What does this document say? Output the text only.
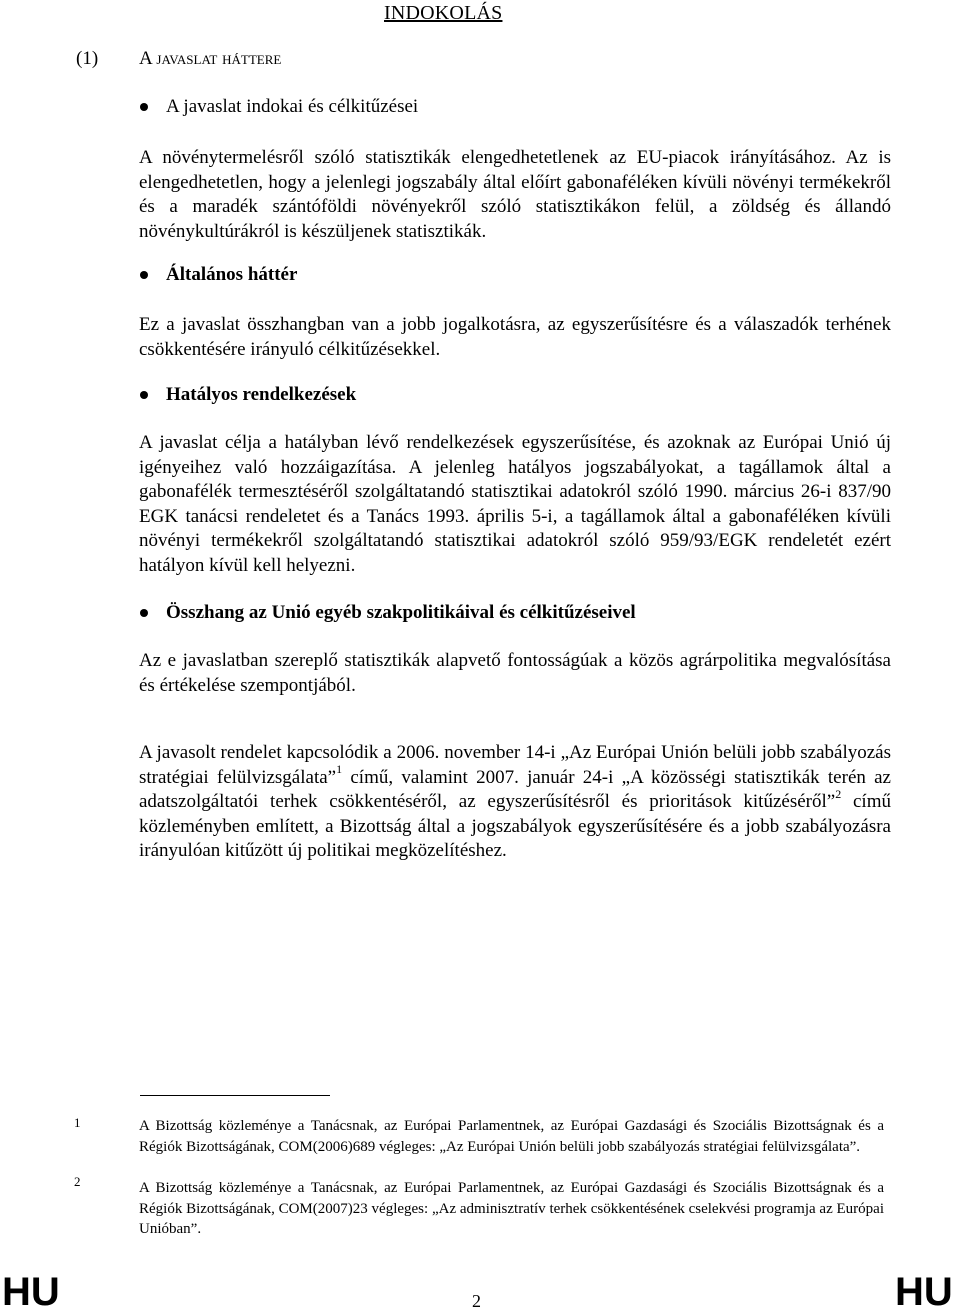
INDOKOLÁS
(1) A javaslat háttere
A javaslat indokai és célkitűzései
A növénytermelésről szóló statisztikák elengedhetetlenek az EU-piacok irányításához. Az is elengedhetetlen, hogy a jelenlegi jogszabály által előírt gabonaféléken kívüli növényi termékekről és a maradék szántóföldi növényekről szóló statisztikákon felül, a zöldség és állandó növénykultúrákról is készüljenek statisztikák.
Általános háttér
Ez a javaslat összhangban van a jobb jogalkotásra, az egyszerűsítésre és a válaszadók terhének csökkentésére irányuló célkitűzésekkel.
Hatályos rendelkezések
A javaslat célja a hatályban lévő rendelkezések egyszerűsítése, és azoknak az Európai Unió új igényeihez való hozzáigazítása. A jelenleg hatályos jogszabályokat, a tagállamok által a gabonafélék termesztéséről szolgáltatandó statisztikai adatokról szóló 1990. március 26-i 837/90 EGK tanácsi rendeletet és a Tanács 1993. április 5-i, a tagállamok által a gabonaféléken kívüli növényi termékekről szolgáltatandó statisztikai adatokról szóló 959/93/EGK rendeletét ezért hatályon kívül kell helyezni.
Összhang az Unió egyéb szakpolitikáival és célkitűzéseivel
Az e javaslatban szereplő statisztikák alapvető fontosságúak a közös agrárpolitika megvalósítása és értékelése szempontjából.
A javasolt rendelet kapcsolódik a 2006. november 14-i „Az Európai Unión belüli jobb szabályozás stratégiai felülvizsgálata”$^1$ című, valamint 2007. január 24-i „A közösségi statisztikák terén az adatszolgáltatói terhek csökkentéséről, az egyszerűsítésről és prioritások kitűzéséről”$^2$ című közleményben említett, a Bizottság által a jogszabályok egyszerűsítésére és a jobb szabályozásra irányulóan kitűzött új politikai megközelítéshez.
1	A Bizottság közleménye a Tanácsnak, az Európai Parlamentnek, az Európai Gazdasági és Szociális Bizottságnak és a Régiók Bizottságának, COM(2006)689 végleges: „Az Európai Unión belüli jobb szabályozás stratégiai felülvizsgálata”.
2	A Bizottság közleménye a Tanácsnak, az Európai Parlamentnek, az Európai Gazdasági és Szociális Bizottságnak és a Régiók Bizottságának, COM(2007)23 végleges: „Az adminisztratív terhek csökkentésének cselekvési programja az Európai Unióban”.
HU	2	HU
